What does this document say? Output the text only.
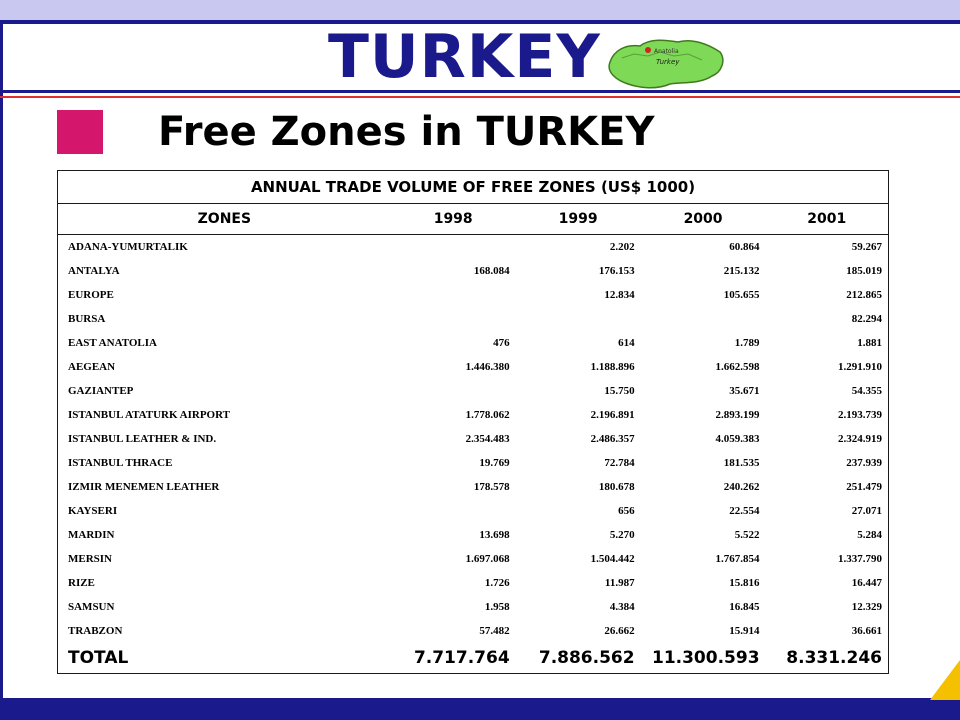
TURKEY	Anatolia
Turkey
Free Zones in TURKEY
ANNUAL TRADE VOLUME OF FREE ZONES (US$ 1000)				
ZONES	1998	1999	2000	2001
ADANA-YUMURTALIK		2.202	60.864	59.267
ANTALYA	168.084	176.153	215.132	185.019
EUROPE		12.834	105.655	212.865
BURSA				82.294
EAST ANATOLIA	476	614	1.789	1.881
AEGEAN	1.446.380	1.188.896	1.662.598	1.291.910
GAZIANTEP		15.750	35.671	54.355
ISTANBUL ATATURK AIRPORT	1.778.062	2.196.891	2.893.199	2.193.739
ISTANBUL LEATHER & IND.	2.354.483	2.486.357	4.059.383	2.324.919
ISTANBUL THRACE	19.769	72.784	181.535	237.939
IZMIR MENEMEN LEATHER	178.578	180.678	240.262	251.479
KAYSERI		656	22.554	27.071
MARDIN	13.698	5.270	5.522	5.284
MERSIN	1.697.068	1.504.442	1.767.854	1.337.790
RIZE	1.726	11.987	15.816	16.447
SAMSUN	1.958	4.384	16.845	12.329
TRABZON	57.482	26.662	15.914	36.661
TOTAL	7.717.764	7.886.562	11.300.593	8.331.246
